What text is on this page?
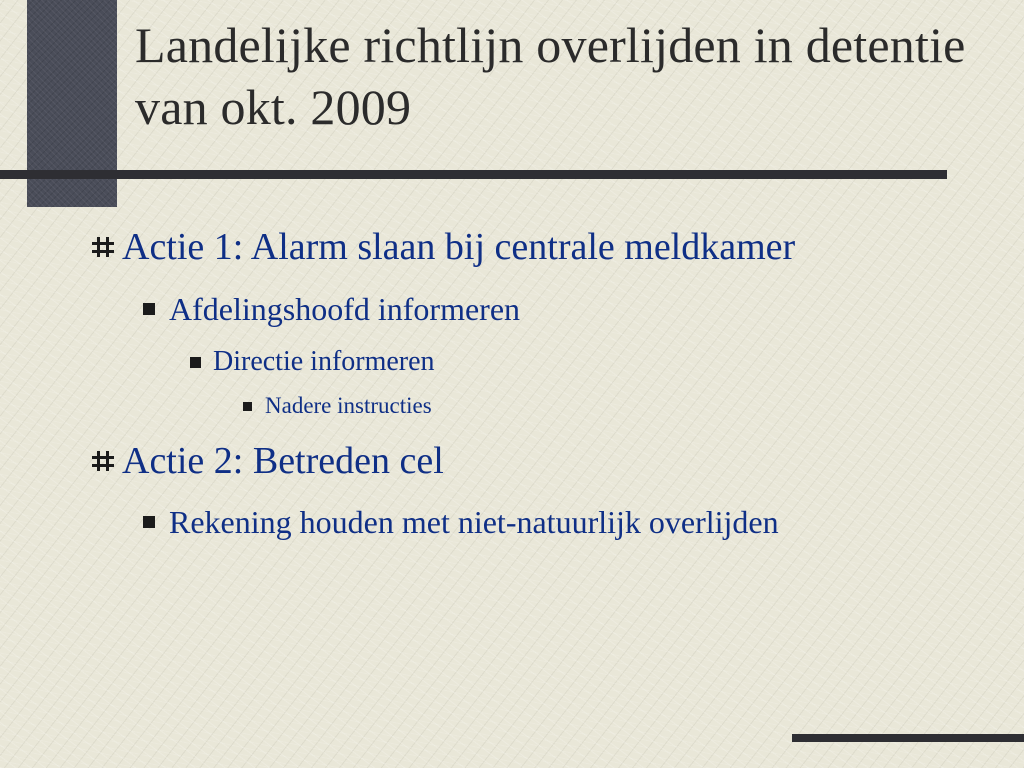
Landelijke richtlijn overlijden in detentie van okt. 2009
Actie 1: Alarm slaan bij centrale meldkamer
Afdelingshoofd informeren
Directie informeren
Nadere instructies
Actie 2: Betreden cel
Rekening houden met niet-natuurlijk overlijden
